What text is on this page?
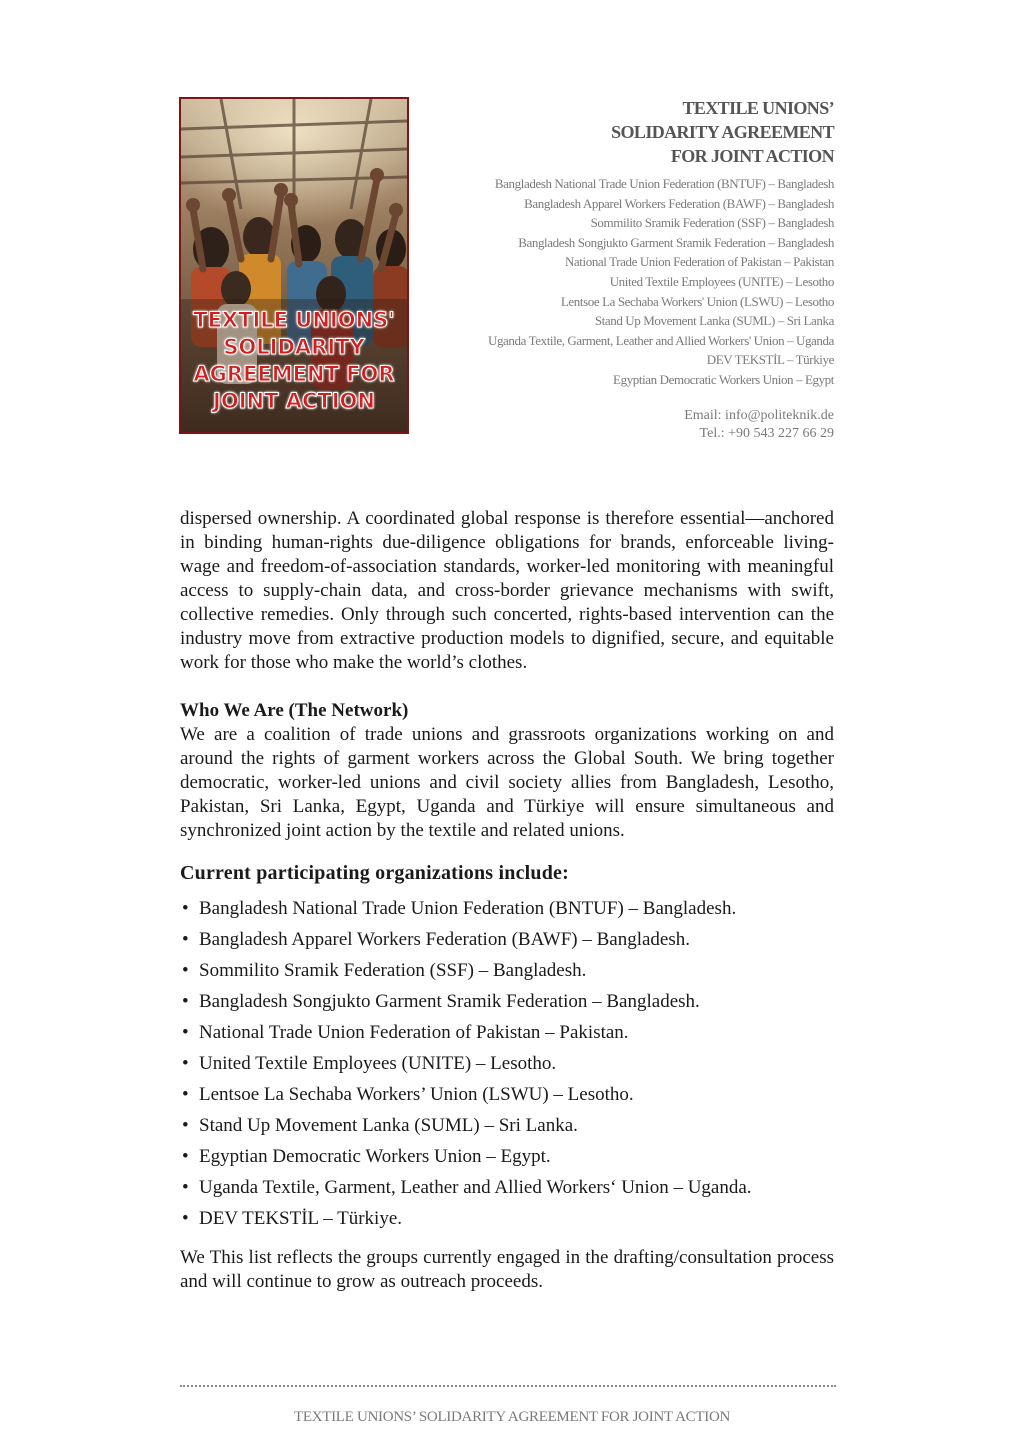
TEXTILE UNIONS' SOLIDARITY AGREEMENT FOR JOINT ACTION
TEXTILE UNIONS’
SOLIDARITY AGREEMENT
FOR JOINT ACTION
Bangladesh National Trade Union Federation (BNTUF) – Bangladesh
Bangladesh Apparel Workers Federation (BAWF) – Bangladesh
Sommilito Sramik Federation (SSF) – Bangladesh
Bangladesh Songjukto Garment Sramik Federation – Bangladesh
National Trade Union Federation of Pakistan – Pakistan
United Textile Employees (UNITE) – Lesotho
Lentsoe La Sechaba Workers' Union (LSWU) – Lesotho
Stand Up Movement Lanka (SUML) – Sri Lanka
Uganda Textile, Garment, Leather and Allied Workers' Union – Uganda
DEV TEKSTİL – Türkiye
Egyptian Democratic Workers Union – Egypt
Email: info@politeknik.de
Tel.: +90 543 227 66 29

dispersed ownership. A coordinated global response is therefore essential—anchored in binding human-rights due-diligence obligations for brands, enforceable living-wage and freedom-of-association standards, worker-led monitoring with meaningful access to supply-chain data, and cross-border grievance mechanisms with swift, collective remedies. Only through such concerted, rights-based intervention can the industry move from extractive production models to dignified, secure, and equitable work for those who make the world’s clothes.

Who We Are (The Network)

We are a coalition of trade unions and grassroots organizations working on and around the rights of garment workers across the Global South. We bring together democratic, worker-led unions and civil society allies from Bangladesh, Lesotho, Pakistan, Sri Lanka, Egypt, Uganda and Türkiye will ensure simultaneous and synchronized joint action by the textile and related unions.

Current participating organizations include:
• Bangladesh National Trade Union Federation (BNTUF) – Bangladesh.
• Bangladesh Apparel Workers Federation (BAWF) – Bangladesh.
• Sommilito Sramik Federation (SSF) – Bangladesh.
• Bangladesh Songjukto Garment Sramik Federation – Bangladesh.
• National Trade Union Federation of Pakistan – Pakistan.
• United Textile Employees (UNITE) – Lesotho.
• Lentsoe La Sechaba Workers’ Union (LSWU) – Lesotho.
• Stand Up Movement Lanka (SUML) – Sri Lanka.
• Egyptian Democratic Workers Union – Egypt.
• Uganda Textile, Garment, Leather and Allied Workers‘ Union – Uganda.
• DEV TEKSTİL – Türkiye.

We This list reflects the groups currently engaged in the drafting/consultation process and will continue to grow as outreach proceeds.

TEXTILE UNIONS’ SOLIDARITY AGREEMENT FOR JOINT ACTION
